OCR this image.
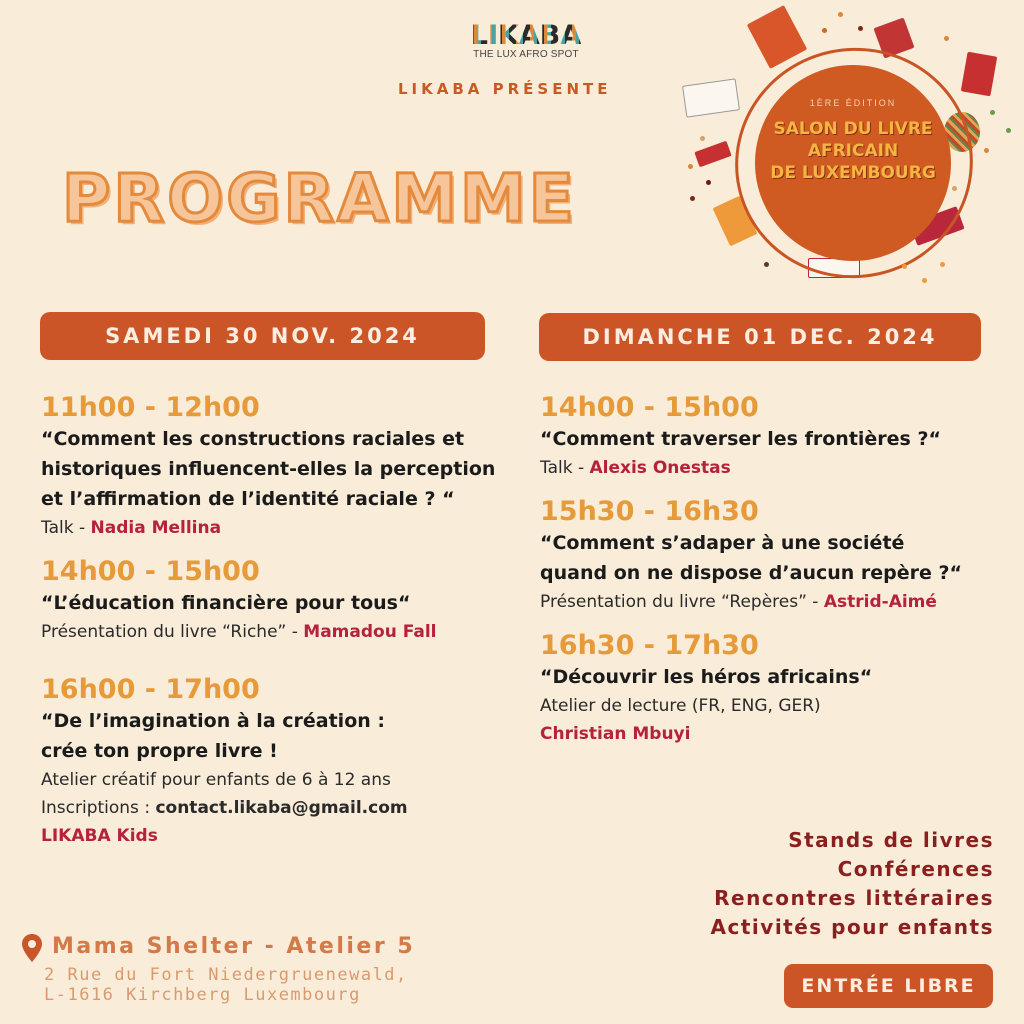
LIKABA
THE LUX AFRO SPOT
LIKABA PRÉSENTE
PROGRAMME
1ÈRE ÉDITION
SALON DU LIVRE
AFRICAIN
DE LUXEMBOURG
SAMEDI 30 NOV. 2024	DIMANCHE 01 DEC. 2024
11h00 - 12h00
“Comment les constructions raciales et
historiques influencent-elles la perception
et l’affirmation de l’identité raciale ? “
Talk - Nadia Mellina
14h00 - 15h00
“L’éducation financière pour tous“
Présentation du livre “Riche” - Mamadou Fall
16h00 - 17h00
“De l’imagination à la création :
crée ton propre livre !
Atelier créatif pour enfants de 6 à 12 ans
Inscriptions : contact.likaba@gmail.com
LIKABA Kids
14h00 - 15h00
“Comment traverser les frontières ?“
Talk - Alexis Onestas
15h30 - 16h30
“Comment s’adaper à une société
quand on ne dispose d’aucun repère ?“
Présentation du livre “Repères” - Astrid-Aimé
16h30 - 17h30
“Découvrir les héros africains“
Atelier de lecture (FR, ENG, GER)
Christian Mbuyi
Stands de livres
Conférences
Rencontres littéraires
Activités pour enfants
ENTRÉE LIBRE
Mama Shelter - Atelier 5
2 Rue du Fort Niedergruenewald,
L-1616 Kirchberg Luxembourg
